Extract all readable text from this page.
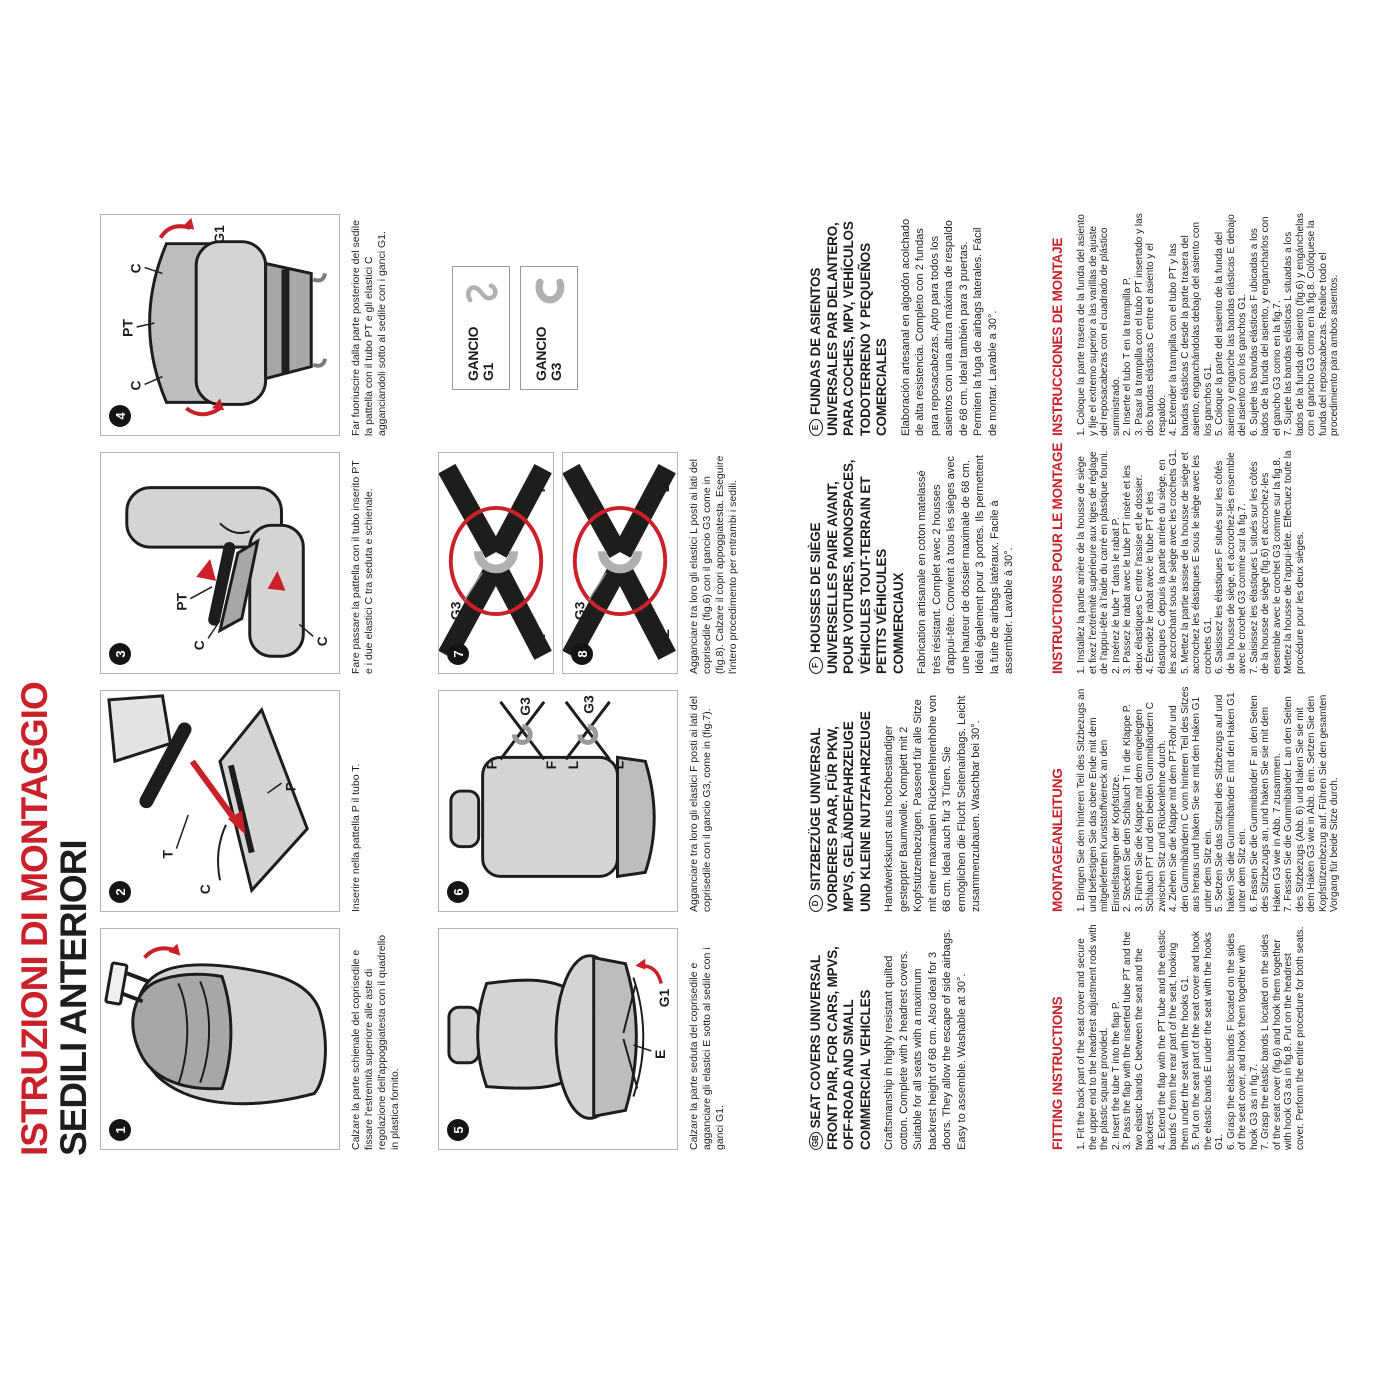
ISTRUZIONI DI MONTAGGIO
SEDILI ANTERIORI 1
2
T
C
P
3
C
PT
C
4
C
PT
C
G1
Calzare la parte schienale del coprisedile e fissare l'estremità superiore alle aste di regolazione dell'appoggiatesta con il quadrello in plastica fornito.
Inserire nella pattella P il tubo T.
Fare passare la pattella con il tubo inserito PT e i due elastici C tra seduta e schienale.
Far fuoriuscire dalla parte posteriore del sedile la pattella con il tubo PT e gli elastici C agganciandoli sotto al sedile con i ganci G1.
5
E
G1
6
F
G3
F L
G3
L
7
G3
F
F
8
G3
L
L
GANCIO G1	GANCIO G3
Calzare la parte seduta del coprisedile e agganciare gli elastici E sotto al sedile con i ganci G1.
Agganciare tra loro gli elastici F posti ai lati del coprisedile con il gancio G3, come in (fig.7).
Agganciare tra loro gli elastici L posti ai lati del coprisedile (fig.6) con il gancio G3 come in (fig.8). Calzare il copri appoggiatesta. Eseguire l'intero procedimento per entrambi i sedili.
GBSEAT COVERS UNIVERSAL FRONT PAIR, FOR CARS, MPVS, OFF-ROAD AND SMALL COMMERCIAL VEHICLES Craftsmanship in highly resistant quilted cotton. Complete with 2 headrest covers. Suitable for all seats with a maximum backrest height of 68 cm. Also ideal for 3 doors. They allow the escape of side airbags. Easy to assemble. Washable at 30°.
DSITZBEZÜGE UNIVERSAL VORDERES PAAR, FÜR PKW, MPVS, GELÄNDEFAHRZEUGE UND KLEINE NUTZFAHRZEUGE Handwerkskunst aus hochbeständiger gesteppter Baumwolle. Komplett mit 2 Kopfstützenbezügen. Passend für alle Sitze mit einer maximalen Rückenlehnenhöhe von 68 cm. Ideal auch für 3 Türen. Sie ermöglichen die Flucht Seitenairbags. Leicht zusammenzubauen. Waschbar bei 30°.
FHOUSSES DE SIÈGE UNIVERSELLES PAIRE AVANT, POUR VOITURES, MONOSPACES, VÉHICULES TOUT-TERRAIN ET PETITS VÉHICULES COMMERCIAUX Fabrication artisanale en coton matelassé très résistant. Complet avec 2 housses d'appui-tête. Convient à tous les sièges avec une hauteur de dossier maximale de 68 cm. Idéal également pour 3 portes. Ils permettent la fuite de airbags latéraux. Facile à assembler. Lavable à 30°.
EFUNDAS DE ASIENTOS UNIVERSALES PAR DELANTERO, PARA COCHES, MPV, VEHÍCULOS TODOTERRENO Y PEQUEÑOS COMERCIALES Elaboración artesanal en algodón acolchado de alta resistencia. Completo con 2 fundas para reposacabezas. Apto para todos los asientos con una altura máxima de respaldo de 68 cm. Ideal también para 3 puertas. Permiten la fuga de airbags laterales. Fácil de montar. Lavable a 30°.
FITTING INSTRUCTIONS
MONTAGEANLEITUNG
INSTRUCTIONS POUR LE MONTAGE
INSTRUCCIONES DE MONTAJE

1. Fit the back part of the seat cover and secure the upper end to the headrest adjustment rods with the plastic square provided. 2. Insert the tube T into the flap P. 3. Pass the flap with the inserted tube PT and the two elastic bands C between the seat and the backrest. 4. Extend the flap with the PT tube and the elastic bands C from the rear part of the seat, hooking them under the seat with the hooks G1. 5. Put on the seat part of the seat cover and hook the elastic bands E under the seat with the hooks G1. 6. Grasp the elastic bands F located on the sides of the seat cover, and hook them together with hook G3 as in fig.7. 7. Grasp the elastic bands L located on the sides of the seat cover (fig.6) and hook them together with hook G3 as in fig.8. Put on the headrest cover. Perform the entire procedure for both seats.

1. Bringen Sie den hinteren Teil des Sitzbezugs an und befestigen Sie das obere Ende mit dem mitgelieferten Kunststoffviereck an den Einstellstangen der Kopfstütze. 2. Stecken Sie den Schlauch T in die Klappe P. 3. Führen Sie die Klappe mit dem eingelegten Schlauch PT und den beiden Gummibändern C zwischen Sitz und Rückenlehne durch. 4. Ziehen Sie die Klappe mit dem PT-Rohr und den Gummibändern C vom hinteren Teil des Sitzes aus heraus und haken Sie sie mit den Haken G1 unter dem Sitz ein. 5. Setzen Sie das Sitzteil des Sitzbezugs auf und haken Sie die Gummibänder E mit den Haken G1 unter dem Sitz ein. 6. Fassen Sie die Gummibänder F an den Seiten des Sitzbezugs an, und haken Sie sie mit dem Haken G3 wie in Abb. 7 zusammen. 7. Fassen Sie die Gummibänder L an den Seiten des Sitzbezugs (Abb. 6) und haken Sie sie mit dem Haken G3 wie in Abb. 8 ein. Setzen Sie den Kopfstützenbezug auf. Führen Sie den gesamten Vorgang für beide Sitze durch.

1. Installez la partie arrière de la housse de siège et fixez l'extrémité supérieure aux tiges de réglage de l'appui-tête à l'aide du carré en plastique fourni. 2. Insérez le tube T dans le rabat P. 3. Passez le rabat avec le tube PT inséré et les deux élastiques C entre l'assise et le dossier. 4. Étendez le rabat avec le tube PT et les élastiques C depuis la partie arrière du siège, en les accrochant sous le siège avec les crochets G1. 5. Mettez la partie assise de la housse de siège et accrochez les élastiques E sous le siège avec les crochets G1. 6. Saisissez les élastiques F situés sur les côtés de la housse de siège, et accrochez-les ensemble avec le crochet G3 comme sur la fig.7. 7. Saisissez les élastiques L situés sur les côtés de la housse de siège (fig.6) et accrochez-les ensemble avec le crochet G3 comme sur la fig.8. Mettez la housse de l'appui-tête. Effectuez toute la procédure pour les deux sièges.

1. Coloque la parte trasera de la funda del asiento y fije el extremo superior a las varillas de ajuste del reposacabezas con el cuadrado de plástico suministrado. 2. Inserte el tubo T en la trampilla P. 3. Pasar la trampilla con el tubo PT insertado y las dos bandas elásticas C entre el asiento y el respaldo. 4. Extender la trampilla con el tubo PT y las bandas elásticas C desde la parte trasera del asiento, enganchándolas debajo del asiento con los ganchos G1. 5. Coloque la parte del asiento de la funda del asiento y enganche las bandas elásticas E debajo del asiento con los ganchos G1. 6. Sujete las bandas elásticas F ubicadas a los lados de la funda del asiento, y engancharlos con el gancho G3 como en la fig.7. 7. Sujete las bandas elásticas L situadas a los lados de la funda del asiento (fig.6) y engánchelas con el gancho G3 como en la fig.8. Colóquese la funda del reposacabezas. Realice todo el procedimiento para ambos asientos.
